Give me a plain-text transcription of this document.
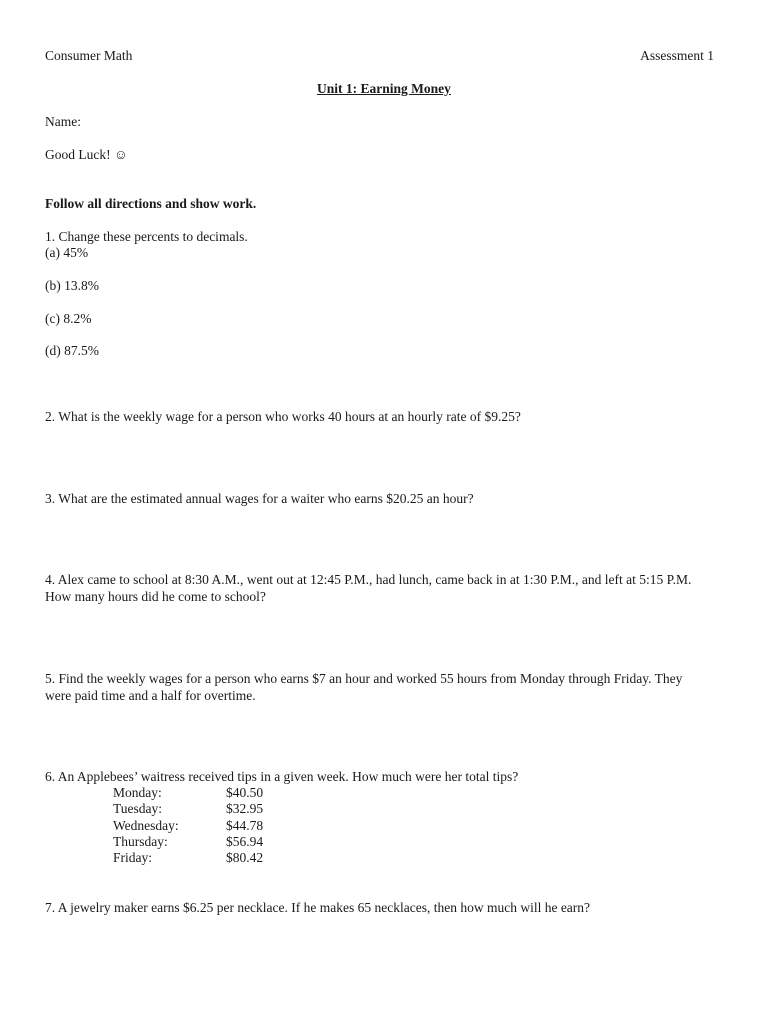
Consumer Math	Assessment 1
Unit 1: Earning Money
Name:
Good Luck! ☺
Follow all directions and show work.
1. Change these percents to decimals.
(a) 45%
(b) 13.8%
(c) 8.2%
(d) 87.5%
2. What is the weekly wage for a person who works 40 hours at an hourly rate of $9.25?
3. What are the estimated annual wages for a waiter who earns $20.25 an hour?
4. Alex came to school at 8:30 A.M., went out at 12:45 P.M., had lunch, came back in at 1:30 P.M., and left at 5:15 P.M.
How many hours did he come to school?
5. Find the weekly wages for a person who earns $7 an hour and worked 55 hours from Monday through Friday. They
were paid time and a half for overtime.
6. An Applebees’ waitress received tips in a given week. How much were her total tips?
Monday:	$40.50
Tuesday:	$32.95
Wednesday:	$44.78
Thursday:	$56.94
Friday:	$80.42
7. A jewelry maker earns $6.25 per necklace. If he makes 65 necklaces, then how much will he earn?
